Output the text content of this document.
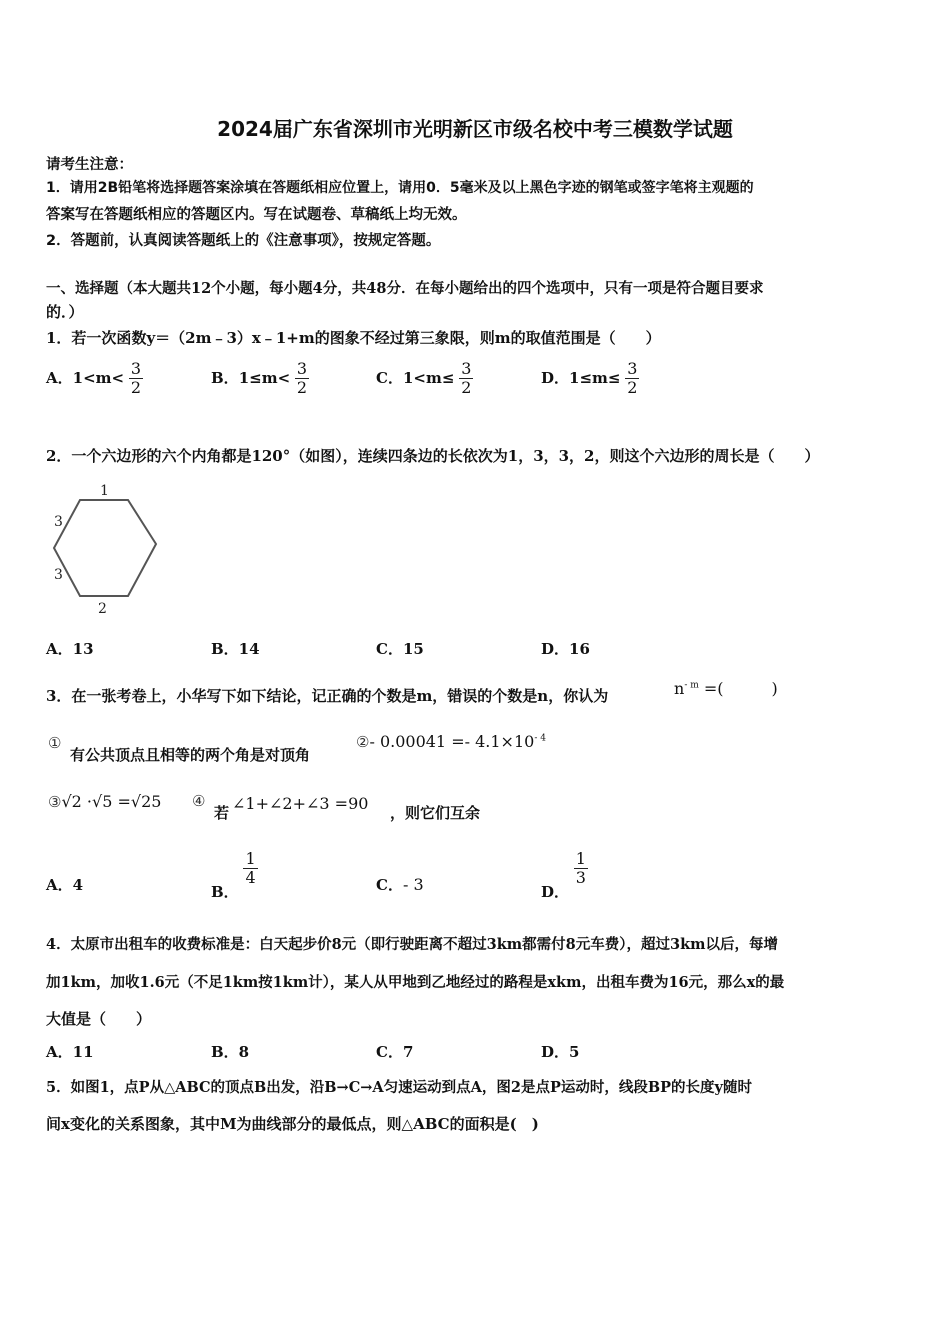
2024届广东省深圳市光明新区市级名校中考三模数学试题
请考生注意：
1．请用2B铅笔将选择题答案涂填在答题纸相应位置上，请用0．5毫米及以上黑色字迹的钢笔或签字笔将主观题的
答案写在答题纸相应的答题区内。写在试题卷、草稿纸上均无效。
2．答题前，认真阅读答题纸上的《注意事项》，按规定答题。
一、选择题（本大题共12个小题，每小题4分，共48分．在每小题给出的四个选项中，只有一项是符合题目要求
的．）
1．若一次函数y＝（2m﹣3）x﹣1+m的图象不经过第三象限，则m的取值范围是（　　）
A．$1<m< \frac{3}{2}$	B．$1\le m< \frac{3}{2}$	C．$1<m\le \frac{3}{2}$	D．$1\le m\le \frac{3}{2}$
2．一个六边形的六个内角都是120°（如图），连续四条边的长依次为1，3，3，2，则这个六边形的周长是（　　）
1
3
3
2
A．13	B．14	C．15	D．16
3．在一张考卷上，小华写下如下结论，记正确的个数是m，错误的个数是n，你认为	$n^{- m}$ =(　　　)
①
有公共顶点且相等的两个角是对顶角
②- $0.00041 =- 4.1\times 10^{- 4}$
③√2 ·√5 =√25 ④
若 ∠1+∠2+∠3 =90 ，则它们互余
A．4	B．
$\frac{1}{4}$	C．- 3	D．
$\frac{1}{3}$
4．太原市出租车的收费标准是：白天起步价8元（即行驶距离不超过3km都需付8元车费），超过3km以后，每增
加1km，加收1.6元（不足1km按1km计），某人从甲地到乙地经过的路程是xkm，出租车费为16元，那么x的最
大值是（　　）
A．11	B．8	C．7	D．5
5．如图1，点P从△ABC的顶点B出发，沿B→C→A匀速运动到点A，图2是点P运动时，线段BP的长度y随时
间x变化的关系图象，其中M为曲线部分的最低点，则△ABC的面积是(　)
